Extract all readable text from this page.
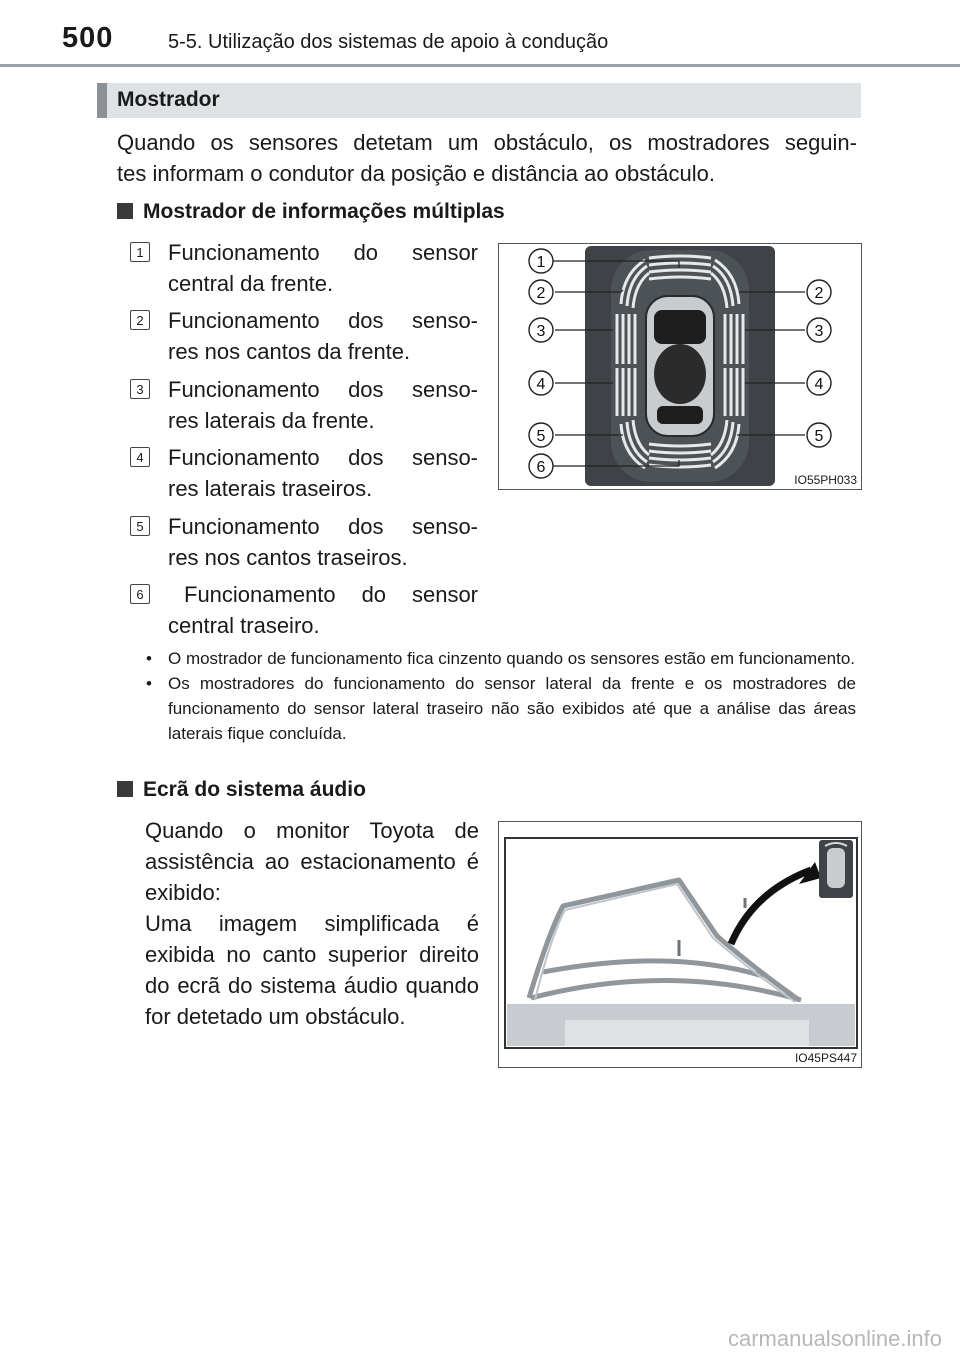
500	5-5. Utilização dos sistemas de apoio à condução
Mostrador
Quando os sensores detetam um obstáculo, os mostradores seguin-
tes informam o condutor da posição e distância ao obstáculo.
Mostrador de informações múltiplas
1 Funcionamento do sensor
central da frente.
2 Funcionamento dos senso-
res nos cantos da frente.
3 Funcionamento dos senso-
res laterais da frente.
4 Funcionamento dos senso-
res laterais traseiros.
5 Funcionamento dos senso-
res nos cantos traseiros.
6	Funcionamento do sensor
central traseiro.
1
2	2
3	3
4	4
5	5
6
IO55PH033
• O mostrador de funcionamento fica cinzento quando os sensores estão em funcionamento.
• Os mostradores do funcionamento do sensor lateral da frente e os mostradores de funcionamento do sensor lateral traseiro não são exibidos até que a análise das áreas laterais fique concluída.
Ecrã do sistema áudio

Quando o monitor Toyota de assistência ao estacionamento é exibido:

Uma imagem simplificada é exibida no canto superior direito do ecrã do sistema áudio quando for detetado um obstáculo.

IO45PS447
carmanualsonline.info
